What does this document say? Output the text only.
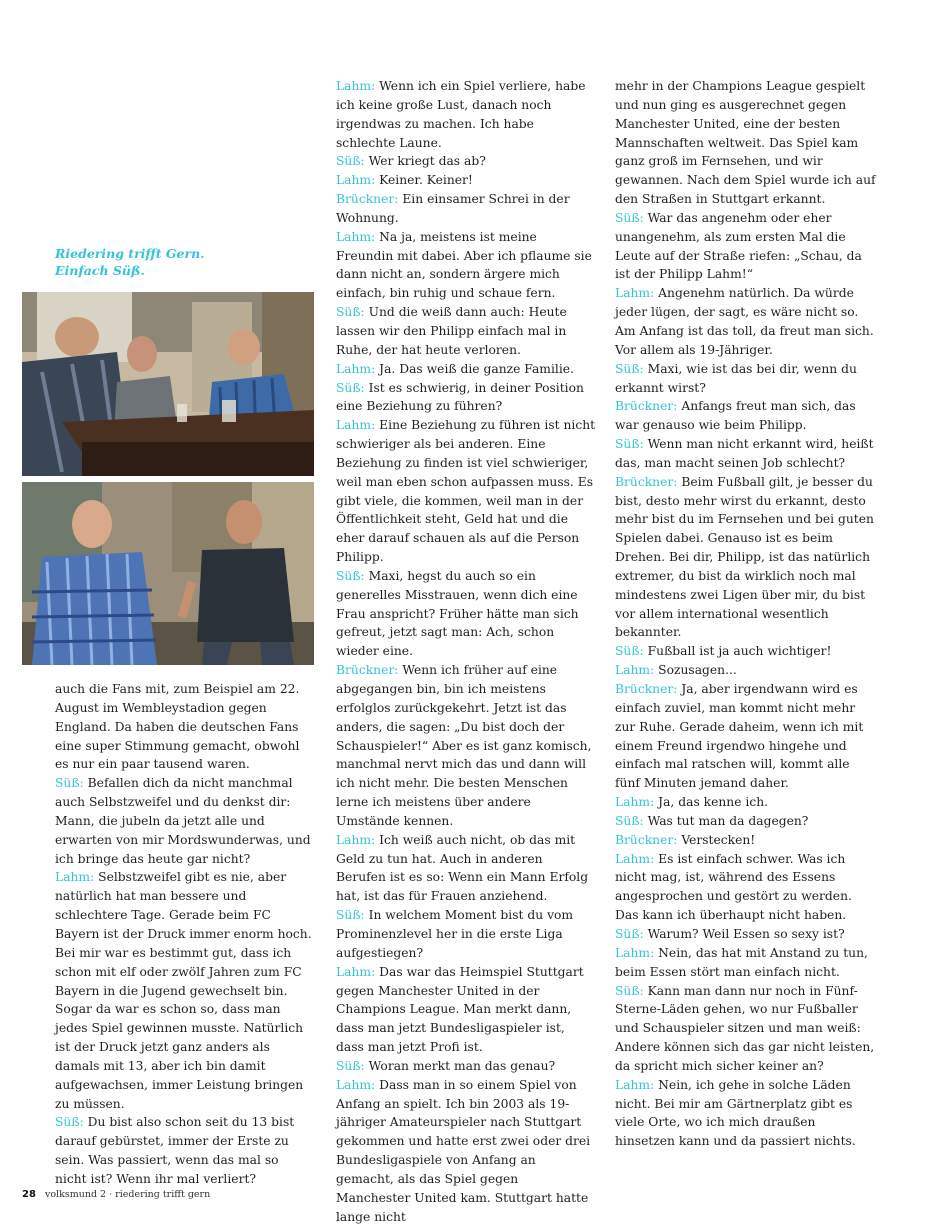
Riedering trifft Gern.
Einfach Süß.

auch die Fans mit, zum Beispiel am 22. August im Wembleystadion gegen England. Da haben die deutschen Fans eine super Stimmung gemacht, obwohl es nur ein paar tausend waren.

Süß: Befallen dich da nicht manchmal auch Selbstzweifel und du denkst dir: Mann, die jubeln da jetzt alle und erwarten von mir Mordswunderwas, und ich bringe das heute gar nicht?

Lahm: Selbstzweifel gibt es nie, aber natürlich hat man bessere und schlechtere Tage. Gerade beim FC Bayern ist der Druck immer enorm hoch. Bei mir war es bestimmt gut, dass ich schon mit elf oder zwölf Jahren zum FC Bayern in die Jugend gewechselt bin. Sogar da war es schon so, dass man jedes Spiel gewinnen musste. Natürlich ist der Druck jetzt ganz anders als damals mit 13, aber ich bin damit aufgewachsen, immer Leistung bringen zu müssen.

Süß: Du bist also schon seit du 13 bist darauf gebürstet, immer der Erste zu sein. Was passiert, wenn das mal so nicht ist? Wenn ihr mal verliert?

Lahm: Wenn ich ein Spiel verliere, habe ich keine große Lust, danach noch irgendwas zu machen. Ich habe schlechte Laune.

Süß: Wer kriegt das ab?

Lahm: Keiner. Keiner!

Brückner: Ein einsamer Schrei in der Wohnung.

Lahm: Na ja, meistens ist meine Freundin mit dabei. Aber ich pflaume sie dann nicht an, sondern ärgere mich einfach, bin ruhig und schaue fern.

Süß: Und die weiß dann auch: Heute lassen wir den Philipp einfach mal in Ruhe, der hat heute verloren.

Lahm: Ja. Das weiß die ganze Familie.

Süß: Ist es schwierig, in deiner Position eine Beziehung zu führen?

Lahm: Eine Beziehung zu führen ist nicht schwieriger als bei anderen. Eine Beziehung zu finden ist viel schwieriger, weil man eben schon aufpassen muss. Es gibt viele, die kommen, weil man in der Öffentlichkeit steht, Geld hat und die eher darauf schauen als auf die Person Philipp.

Süß: Maxi, hegst du auch so ein generelles Misstrauen, wenn dich eine Frau anspricht? Früher hätte man sich gefreut, jetzt sagt man: Ach, schon wieder eine.

Brückner: Wenn ich früher auf eine abgegangen bin, bin ich meistens erfolglos zurückgekehrt. Jetzt ist das anders, die sagen: „Du bist doch der Schauspieler!“ Aber es ist ganz komisch, manchmal nervt mich das und dann will ich nicht mehr. Die besten Menschen lerne ich meistens über andere Umstände kennen.

Lahm: Ich weiß auch nicht, ob das mit Geld zu tun hat. Auch in anderen Berufen ist es so: Wenn ein Mann Erfolg hat, ist das für Frauen anziehend.

Süß: In welchem Moment bist du vom Prominenzlevel her in die erste Liga aufgestiegen?

Lahm: Das war das Heimspiel Stuttgart gegen Manchester United in der Champions League. Man merkt dann, dass man jetzt Bundesligaspieler ist, dass man jetzt Profi ist.

Süß: Woran merkt man das genau?

Lahm: Dass man in so einem Spiel von Anfang an spielt. Ich bin 2003 als 19-jähriger Amateurspieler nach Stuttgart gekommen und hatte erst zwei oder drei Bundesligaspiele von Anfang an gemacht, als das Spiel gegen Manchester United kam. Stuttgart hatte lange nicht

mehr in der Champions League gespielt und nun ging es ausgerechnet gegen Manchester United, eine der besten Mannschaften weltweit. Das Spiel kam ganz groß im Fernsehen, und wir gewannen. Nach dem Spiel wurde ich auf den Straßen in Stuttgart erkannt.

Süß: War das angenehm oder eher unangenehm, als zum ersten Mal die Leute auf der Straße riefen: „Schau, da ist der Philipp Lahm!“

Lahm: Angenehm natürlich. Da würde jeder lügen, der sagt, es wäre nicht so. Am Anfang ist das toll, da freut man sich. Vor allem als 19-Jähriger.

Süß: Maxi, wie ist das bei dir, wenn du erkannt wirst?

Brückner: Anfangs freut man sich, das war genauso wie beim Philipp.

Süß: Wenn man nicht erkannt wird, heißt das, man macht seinen Job schlecht?

Brückner: Beim Fußball gilt, je besser du bist, desto mehr wirst du erkannt, desto mehr bist du im Fernsehen und bei guten Spielen dabei. Genauso ist es beim Drehen. Bei dir, Philipp, ist das natürlich extremer, du bist da wirklich noch mal mindestens zwei Ligen über mir, du bist vor allem international wesentlich bekannter.

Süß: Fußball ist ja auch wichtiger!

Lahm: Sozusagen...

Brückner: Ja, aber irgendwann wird es einfach zuviel, man kommt nicht mehr zur Ruhe. Gerade daheim, wenn ich mit einem Freund irgendwo hingehe und einfach mal ratschen will, kommt alle fünf Minuten jemand daher.

Lahm: Ja, das kenne ich.

Süß: Was tut man da dagegen?

Brückner: Verstecken!

Lahm: Es ist einfach schwer. Was ich nicht mag, ist, während des Essens angesprochen und gestört zu werden. Das kann ich überhaupt nicht haben.

Süß: Warum? Weil Essen so sexy ist?

Lahm: Nein, das hat mit Anstand zu tun, beim Essen stört man einfach nicht.

Süß: Kann man dann nur noch in Fünf-Sterne-Läden gehen, wo nur Fußballer und Schauspieler sitzen und man weiß: Andere können sich das gar nicht leisten, da spricht mich sicher keiner an?

Lahm: Nein, ich gehe in solche Läden nicht. Bei mir am Gärtnerplatz gibt es viele Orte, wo ich mich draußen hinsetzen kann und da passiert nichts.

28 volksmund 2 · riedering trifft gern
